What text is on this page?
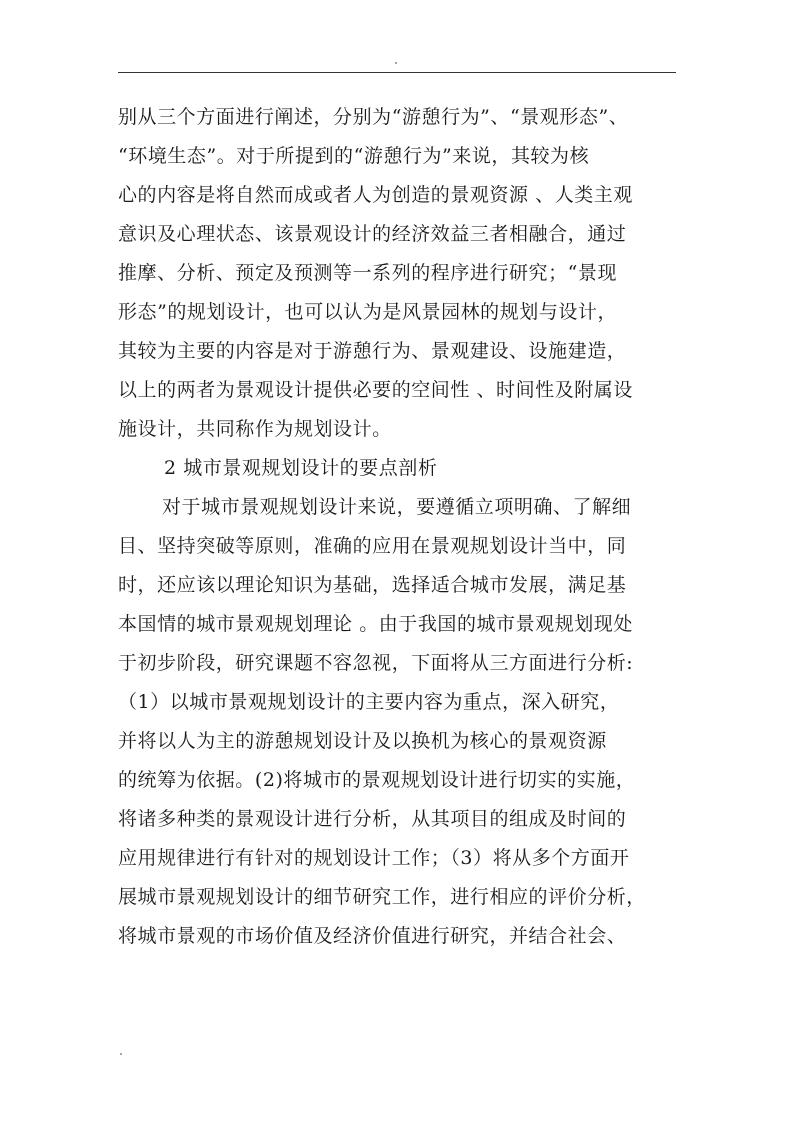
别从三个方面进行阐述，分别为“游憩行为”、“景观形态”、
“环境生态”。对于所提到的“游憩行为”来说，其较为核
心的内容是将自然而成或者人为创造的景观资源 、人类主观
意识及心理状态、该景观设计的经济效益三者相融合，通过
推摩、分析、预定及预测等一系列的程序进行研究；“景现
形态”的规划设计，也可以认为是风景园林的规划与设计，
其较为主要的内容是对于游憩行为、景观建设、设施建造，
以上的两者为景观设计提供必要的空间性 、时间性及附属设
施设计，共同称作为规划设计。
2 城市景观规划设计的要点剖析
对于城市景观规划设计来说，要遵循立项明确、了解细
目、坚持突破等原则，准确的应用在景观规划设计当中，同
时，还应该以理论知识为基础，选择适合城市发展，满足基
本国情的城市景观规划理论 。由于我国的城市景观规划现处
于初步阶段，研究课题不容忽视，下面将从三方面进行分析:
（1）以城市景观规划设计的主要内容为重点，深入研究，
并将以人为主的游憩规划设计及以换机为核心的景观资源
的统筹为依据。(2)将城市的景观规划设计进行切实的实施，
将诸多种类的景观设计进行分析，从其项目的组成及时间的
应用规律进行有针对的规划设计工作；（3）将从多个方面开
展城市景观规划设计的细节研究工作，进行相应的评价分析，
将城市景观的市场价值及经济价值进行研究，并结合社会、
